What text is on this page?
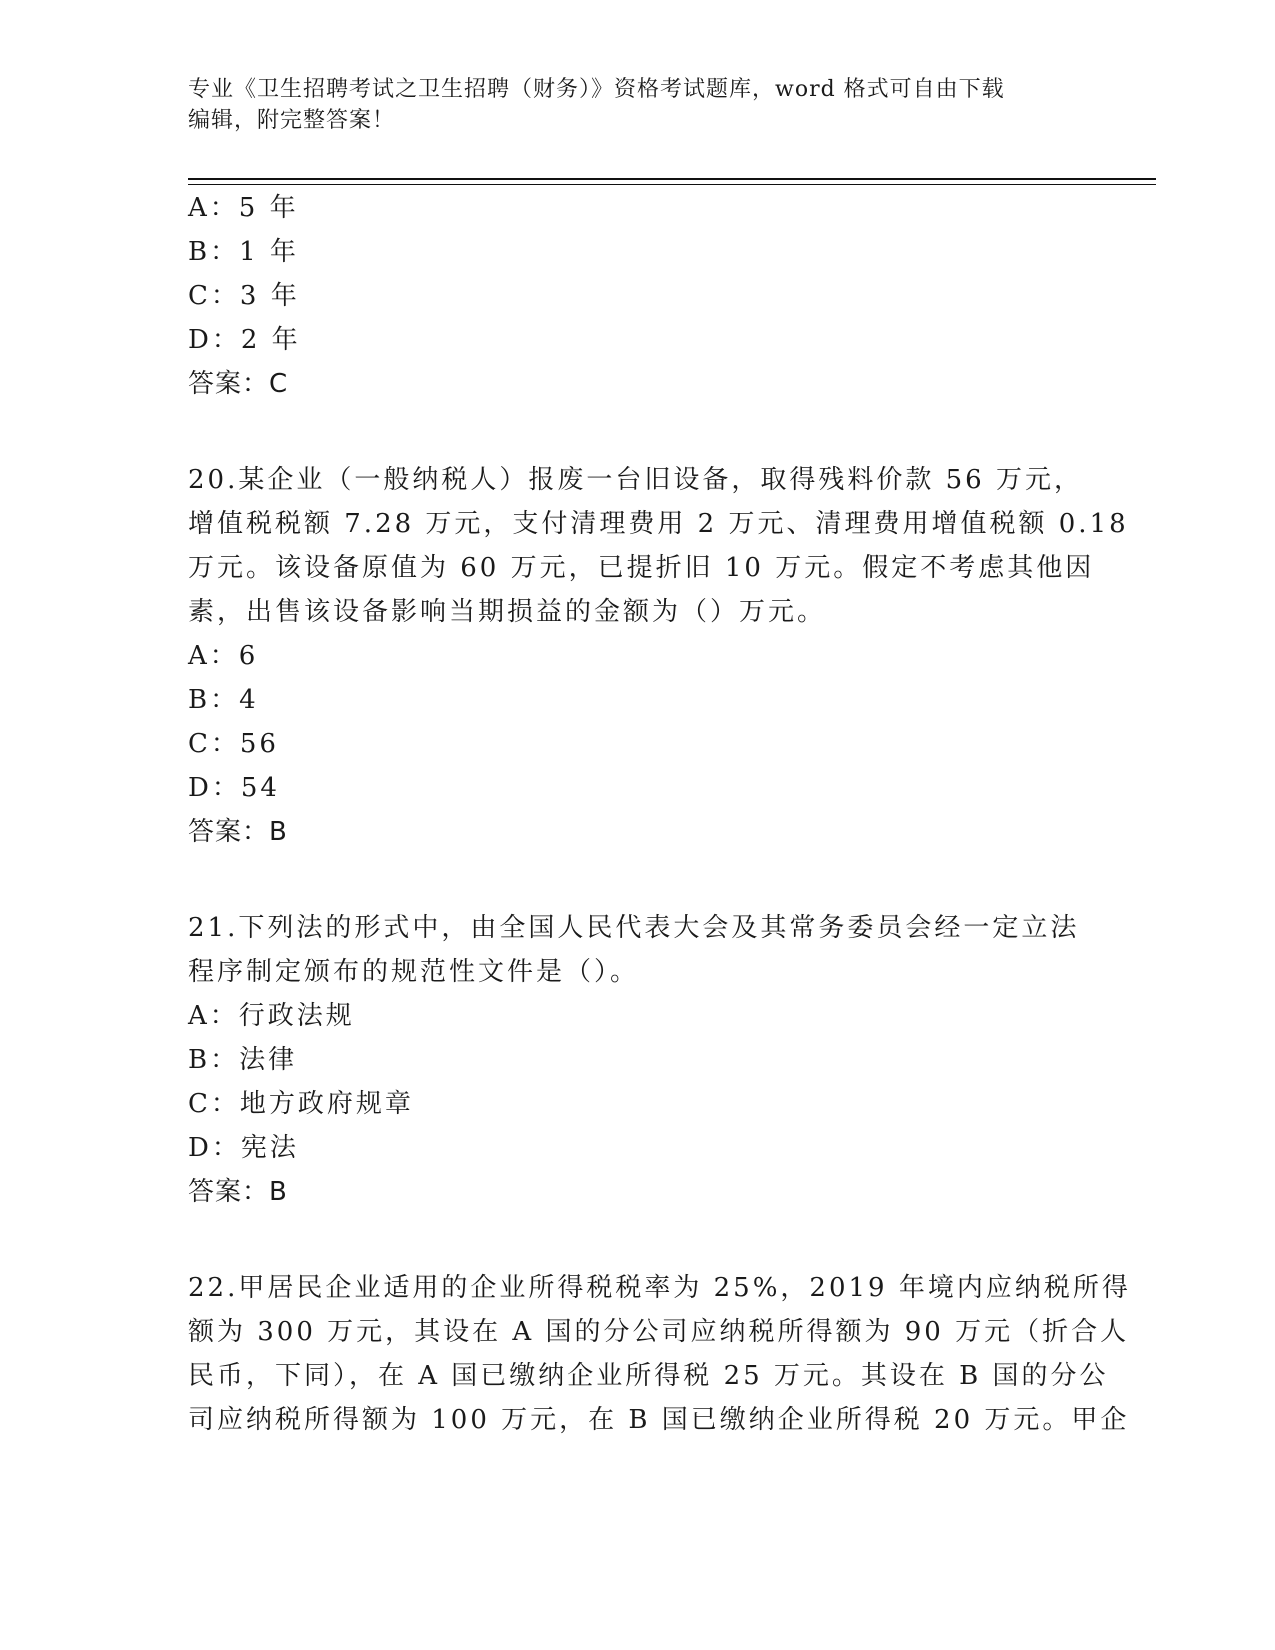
专业《卫生招聘考试之卫生招聘（财务）》资格考试题库，word 格式可自由下载
编辑，附完整答案！
A：5 年
B：1 年
C：3 年
D：2 年
答案：C
20.某企业（一般纳税人）报废一台旧设备，取得残料价款 56 万元，
增值税税额 7.28 万元，支付清理费用 2 万元、清理费用增值税额 0.18
万元。该设备原值为 60 万元，已提折旧 10 万元。假定不考虑其他因
素，出售该设备影响当期损益的金额为（）万元。
A：6
B：4
C：56
D：54
答案：B
21.下列法的形式中，由全国人民代表大会及其常务委员会经一定立法
程序制定颁布的规范性文件是（）。
A：行政法规
B：法律
C：地方政府规章
D：宪法
答案：B
22.甲居民企业适用的企业所得税税率为 25%，2019 年境内应纳税所得
额为 300 万元，其设在 A 国的分公司应纳税所得额为 90 万元（折合人
民币，下同），在 A 国已缴纳企业所得税 25 万元。其设在 B 国的分公
司应纳税所得额为 100 万元，在 B 国已缴纳企业所得税 20 万元。甲企
